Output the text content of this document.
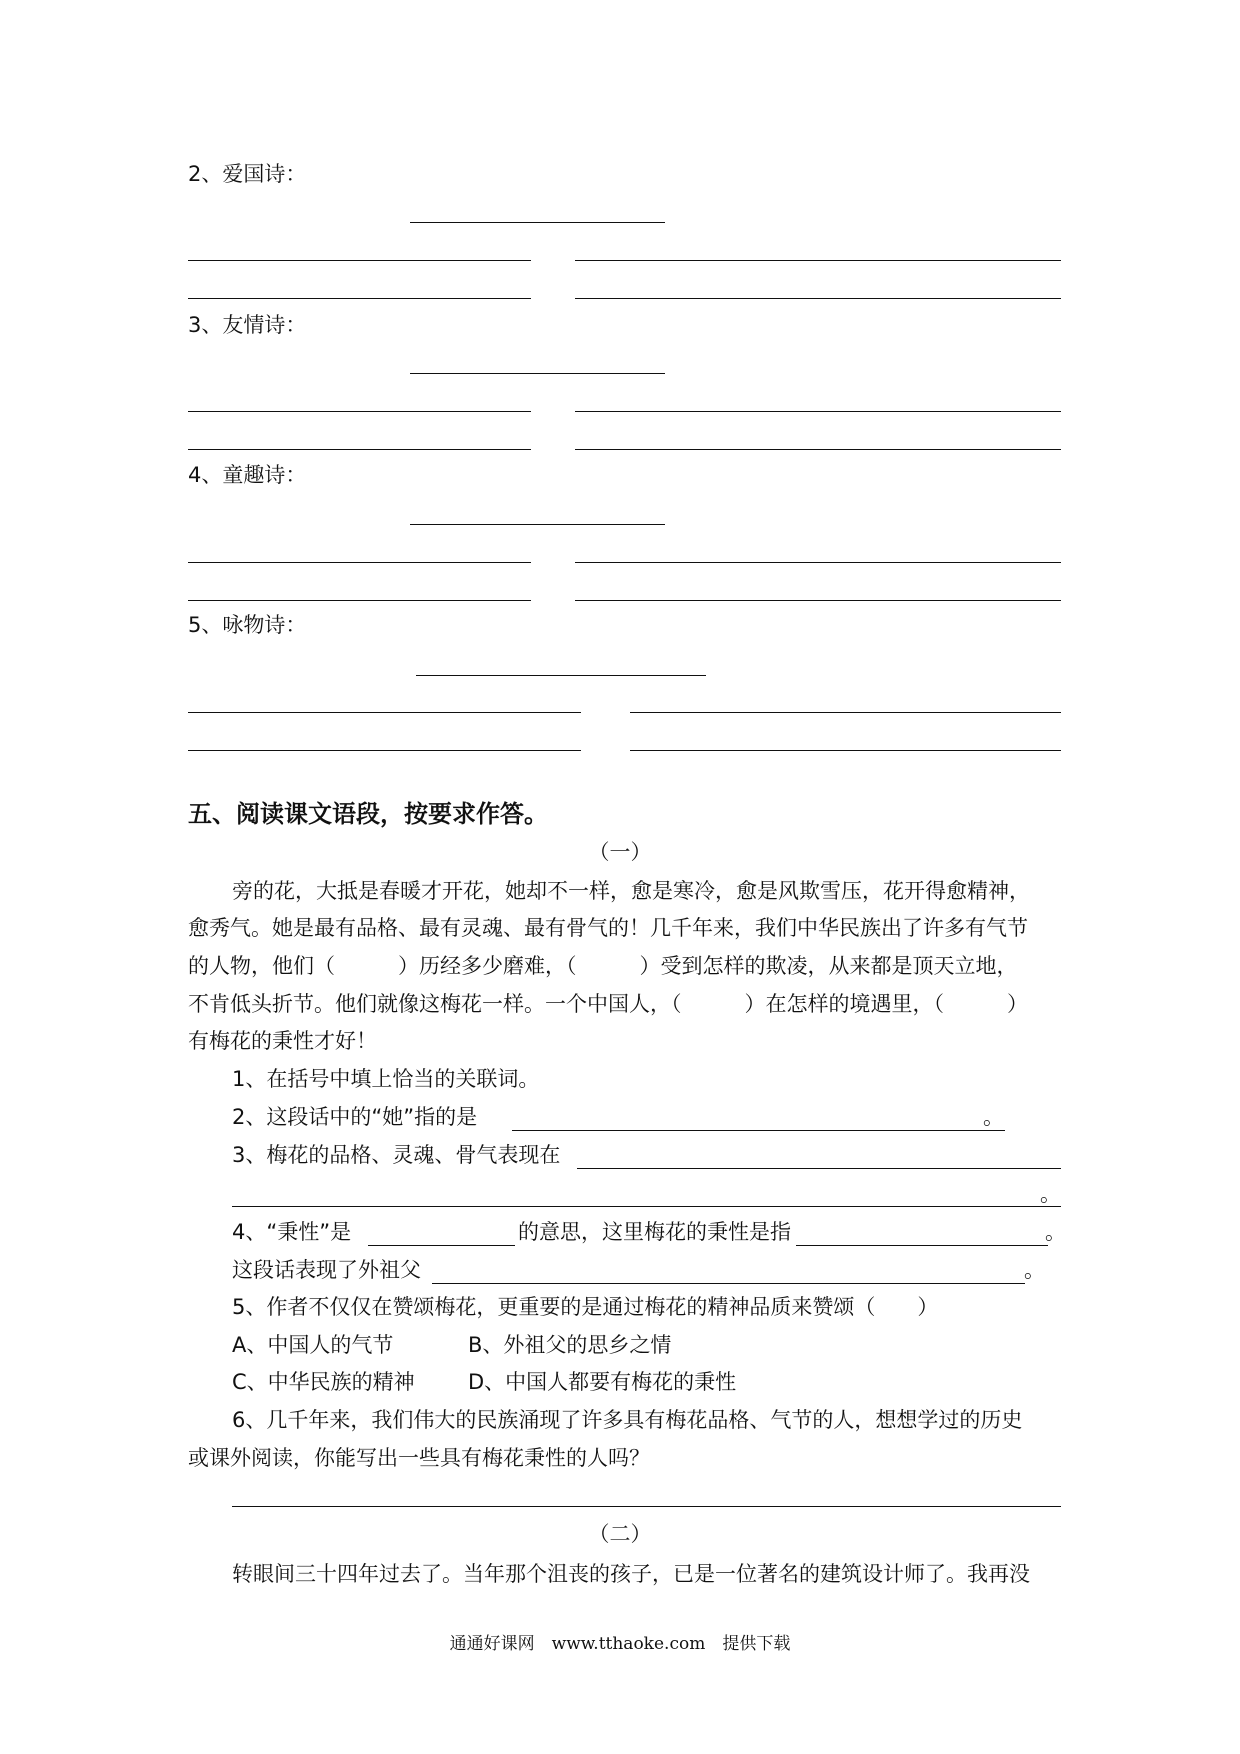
2、爱国诗：
3、友情诗：
4、童趣诗：
5、咏物诗：
五、阅读课文语段，按要求作答。
（一）
旁的花，大抵是春暖才开花，她却不一样，愈是寒冷，愈是风欺雪压，花开得愈精神，
愈秀气。她是最有品格、最有灵魂、最有骨气的！几千年来，我们中华民族出了许多有气节
的人物，他们（　　　）历经多少磨难，（　　　）受到怎样的欺凌，从来都是顶天立地，
不肯低头折节。他们就像这梅花一样。一个中国人，（　　　）在怎样的境遇里，（　　　）
有梅花的秉性才好！
1、在括号中填上恰当的关联词。
2、这段话中的“她”指的是	。
3、梅花的品格、灵魂、骨气表现在
。
4、“秉性”是	的意思，这里梅花的秉性是指	。
这段话表现了外祖父	。
5、作者不仅仅在赞颂梅花，更重要的是通过梅花的精神品质来赞颂（　　）
A、中国人的气节	B、外祖父的思乡之情
C、中华民族的精神	D、中国人都要有梅花的秉性
6、几千年来，我们伟大的民族涌现了许多具有梅花品格、气节的人，想想学过的历史
或课外阅读，你能写出一些具有梅花秉性的人吗？
（二）
转眼间三十四年过去了。当年那个沮丧的孩子，已是一位著名的建筑设计师了。我再没
通通好课网　www.tthaoke.com　提供下载
